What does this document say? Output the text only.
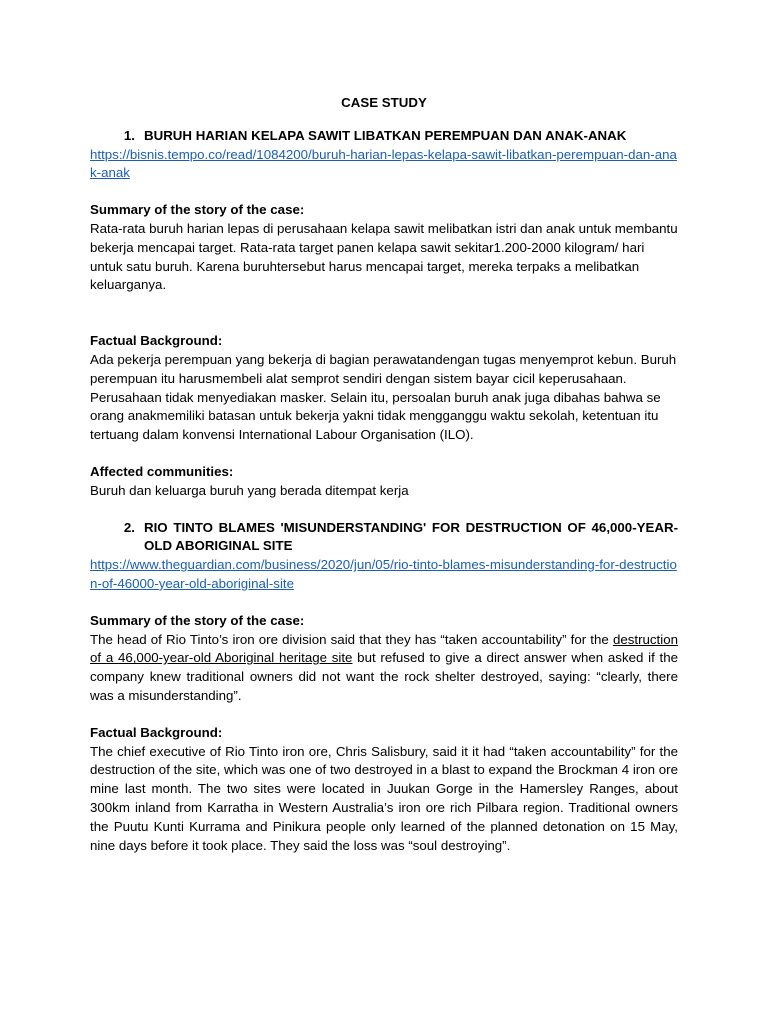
CASE STUDY
1. BURUH HARIAN KELAPA SAWIT LIBATKAN PEREMPUAN DAN ANAK-ANAK
https://bisnis.tempo.co/read/1084200/buruh-harian-lepas-kelapa-sawit-libatkan-perempuan-dan-anak-anak

Summary of the story of the case:

Rata-rata buruh harian lepas di perusahaan kelapa sawit melibatkan istri dan anak untuk membantu bekerja mencapai target. Rata-rata target panen kelapa sawit sekitar1.200-2000 kilogram/ hari untuk satu buruh. Karena buruhtersebut harus mencapai target, mereka terpaks a melibatkan keluarganya.

Factual Background:

Ada pekerja perempuan yang bekerja di bagian perawatandengan tugas menyemprot kebun. Buruh perempuan itu harusmembeli alat semprot sendiri dengan sistem bayar cicil keperusahaan.

Perusahaan tidak menyediakan masker. Selain itu, persoalan buruh anak juga dibahas bahwa se orang anakmemiliki batasan untuk bekerja yakni tidak mengganggu waktu sekolah, ketentuan itu tertuang dalam konvensi International Labour Organisation (ILO).

Affected communities:

Buruh dan keluarga buruh yang berada ditempat kerja

2. RIO TINTO BLAMES 'MISUNDERSTANDING' FOR DESTRUCTION OF 46,000-YEAR-OLD ABORIGINAL SITE
https://www.theguardian.com/business/2020/jun/05/rio-tinto-blames-misunderstanding-for-destruction-of-46000-year-old-aboriginal-site

Summary of the story of the case:

The head of Rio Tinto’s iron ore division said that they has “taken accountability” for the destruction of a 46,000-year-old Aboriginal heritage site but refused to give a direct answer when asked if the company knew traditional owners did not want the rock shelter destroyed, saying: “clearly, there was a misunderstanding”.

Factual Background:

The chief executive of Rio Tinto iron ore, Chris Salisbury, said it it had “taken accountability” for the destruction of the site, which was one of two destroyed in a blast to expand the Brockman 4 iron ore mine last month. The two sites were located in Juukan Gorge in the Hamersley Ranges, about 300km inland from Karratha in Western Australia’s iron ore rich Pilbara region. Traditional owners the Puutu Kunti Kurrama and Pinikura people only learned of the planned detonation on 15 May, nine days before it took place. They said the loss was “soul destroying”.
